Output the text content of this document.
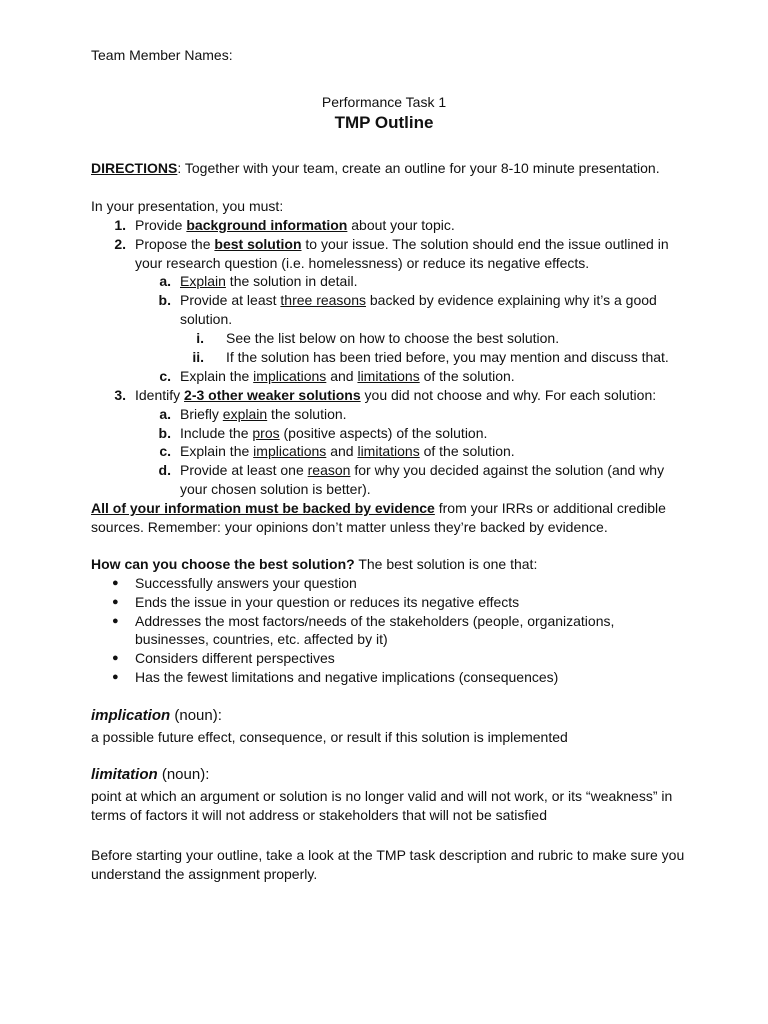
Team Member Names:
Performance Task 1
TMP Outline
DIRECTIONS: Together with your team, create an outline for your 8-10 minute presentation.
In your presentation, you must:
1. Provide background information about your topic.
2. Propose the best solution to your issue. The solution should end the issue outlined in
your research question (i.e. homelessness) or reduce its negative effects.
a. Explain the solution in detail.
b. Provide at least three reasons backed by evidence explaining why it’s a good
solution.
i. See the list below on how to choose the best solution.
ii. If the solution has been tried before, you may mention and discuss that.
c. Explain the implications and limitations of the solution.
3. Identify 2-3 other weaker solutions you did not choose and why. For each solution:
a. Briefly explain the solution.
b. Include the pros (positive aspects) of the solution.
c. Explain the implications and limitations of the solution.
d. Provide at least one reason for why you decided against the solution (and why
your chosen solution is better).
All of your information must be backed by evidence from your IRRs or additional credible
sources. Remember: your opinions don’t matter unless they’re backed by evidence.
How can you choose the best solution? The best solution is one that:
● Successfully answers your question
● Ends the issue in your question or reduces its negative effects
● Addresses the most factors/needs of the stakeholders (people, organizations,
businesses, countries, etc. affected by it)
● Considers different perspectives
● Has the fewest limitations and negative implications (consequences)
implication (noun):
a possible future effect, consequence, or result if this solution is implemented
limitation (noun):
point at which an argument or solution is no longer valid and will not work, or its “weakness” in
terms of factors it will not address or stakeholders that will not be satisfied
Before starting your outline, take a look at the TMP task description and rubric to make sure you
understand the assignment properly.
